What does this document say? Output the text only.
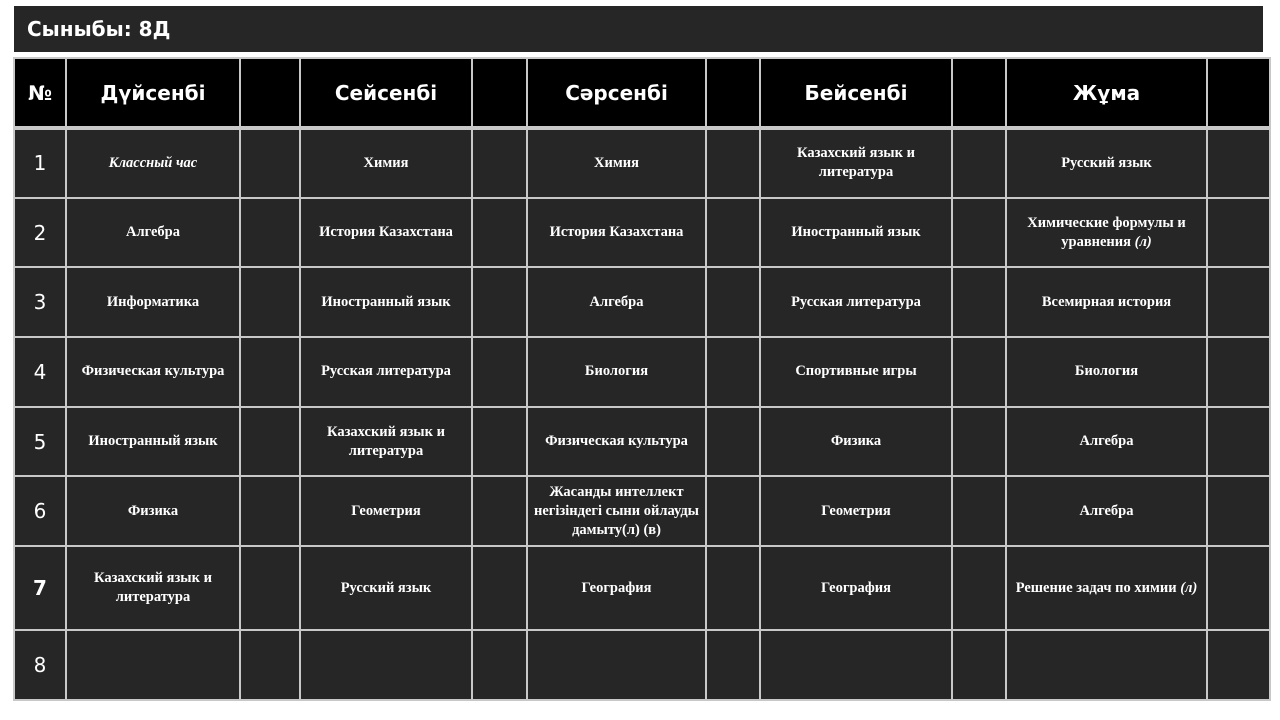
Сыныбы: 8Д
№	Дүйсенбі		Сейсенбі		Сәрсенбі		Бейсенбі		Жұма	
1	Классный час		Химия		Химия		Казахский язык и литература		Русский язык	
2	Алгебра		История Казахстана		История Казахстана		Иностранный язык		Химические формулы и уравнения (л)	
3	Информатика		Иностранный язык		Алгебра		Русская литература		Всемирная история	
4	Физическая культура		Русская литература		Биология		Спортивные игры		Биология	
5	Иностранный язык		Казахский язык и литература		Физическая культура		Физика		Алгебра	
6	Физика		Геометрия		Жасанды интеллект негізіндегі сыни ойлауды дамыту(л) (в)		Геометрия		Алгебра	
7	Казахский язык и литература		Русский язык		География		География		Решение задач по химии (л)	
8										
